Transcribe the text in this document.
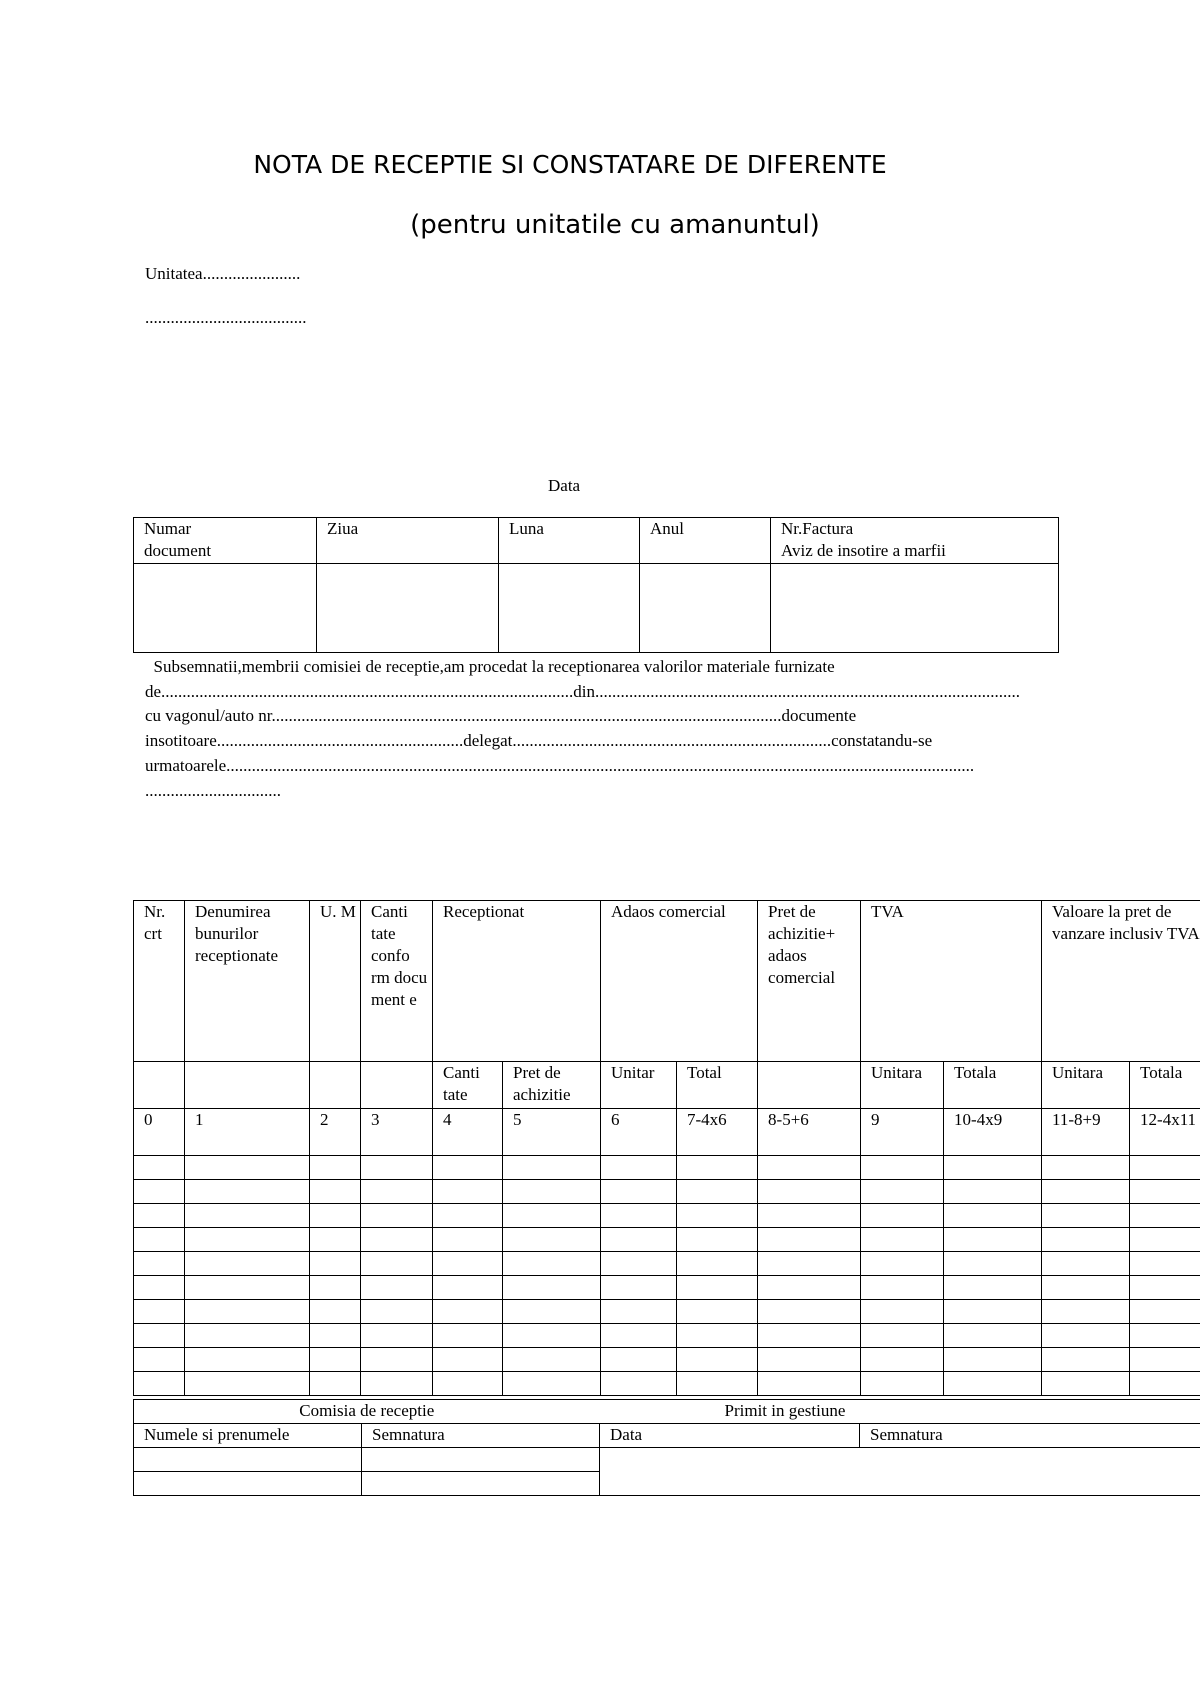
NOTA DE RECEPTIE SI CONSTATARE DE DIFERENTE
(pentru unitatile cu amanuntul)
Unitatea.......................
......................................
Data
Numar
document	Ziua	Luna	Anul	Nr.Factura
Aviz de insotire a marfii

Subsemnatii,membrii comisiei de receptie,am procedat la receptionarea valorilor materiale furnizate
de.................................................................................................din....................................................................................................
cu vagonul/auto nr........................................................................................................................documente
insotitoare..........................................................delegat...........................................................................constatandu-se
urmatoarele................................................................................................................................................................................
................................
Nr. crt	Denumirea bunurilor receptionate	U. M	Canti tate confo rm docu ment e	Receptionat		Adaos comercial		Pret de achizitie+ adaos comercial	TVA		Valoare la pret de vanzare inclusiv TVA	
				Canti tate	Pret de achizitie	Unitar	Total		Unitara	Totala	Unitara	Totala
0	1	2	3	4	5	6	7-4x6	8-5+6	9	10-4x9	11-8+9	12-4x11

Comisia de receptie		Primit in gestiune	
Numele si prenumele	Semnatura	Data	Semnatura
